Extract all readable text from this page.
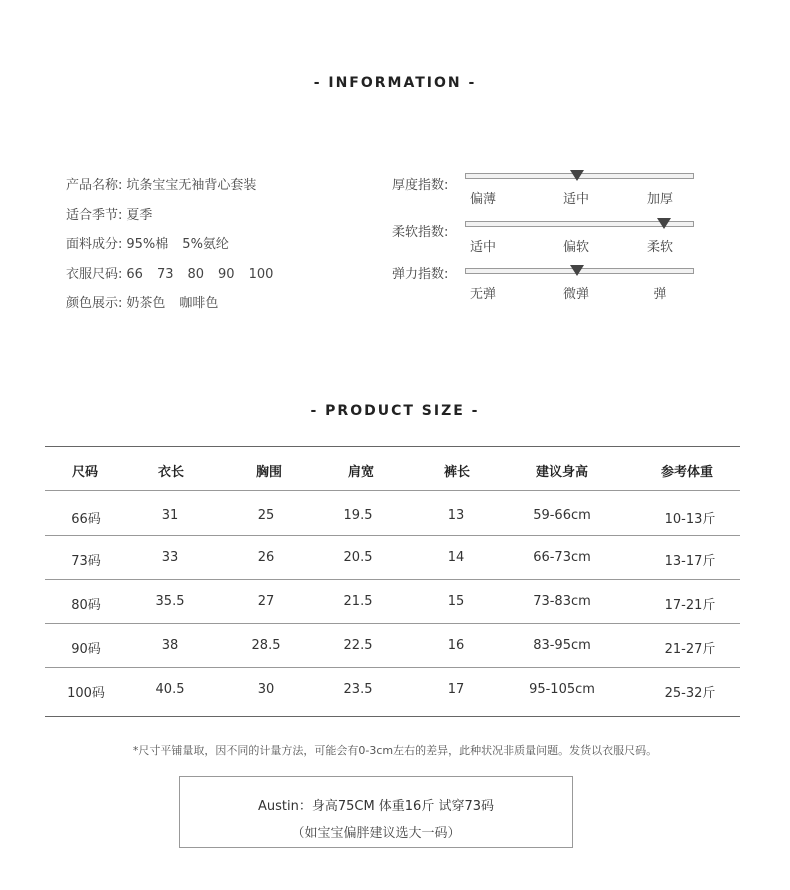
- INFORMATION -
产品名称: 坑条宝宝无袖背心套装
适合季节: 夏季
面料成分: 95%棉 5%氨纶
衣服尺码: 66 73 80 90 100
颜色展示: 奶茶色 咖啡色
厚度指数:
偏薄	适中	加厚
柔软指数:
适中	偏软	柔软
弹力指数:
无弹	微弹	弹
- PRODUCT SIZE -
尺码	衣长	胸围	肩宽	裤长	建议身高	参考体重
66码	31	25	19.5	13	59-66cm	10-13斤
73码	33	26	20.5	14	66-73cm	13-17斤
80码	35.5	27	21.5	15	73-83cm	17-21斤
90码	38	28.5	22.5	16	83-95cm	21-27斤
100码	40.5	30	23.5	17	95-105cm	25-32斤
*尺寸平铺量取，因不同的计量方法，可能会有0-3cm左右的差异，此种状况非质量问题。发货以衣服尺码。
Austin：身高75CM 体重16斤 试穿73码
（如宝宝偏胖建议选大一码）
